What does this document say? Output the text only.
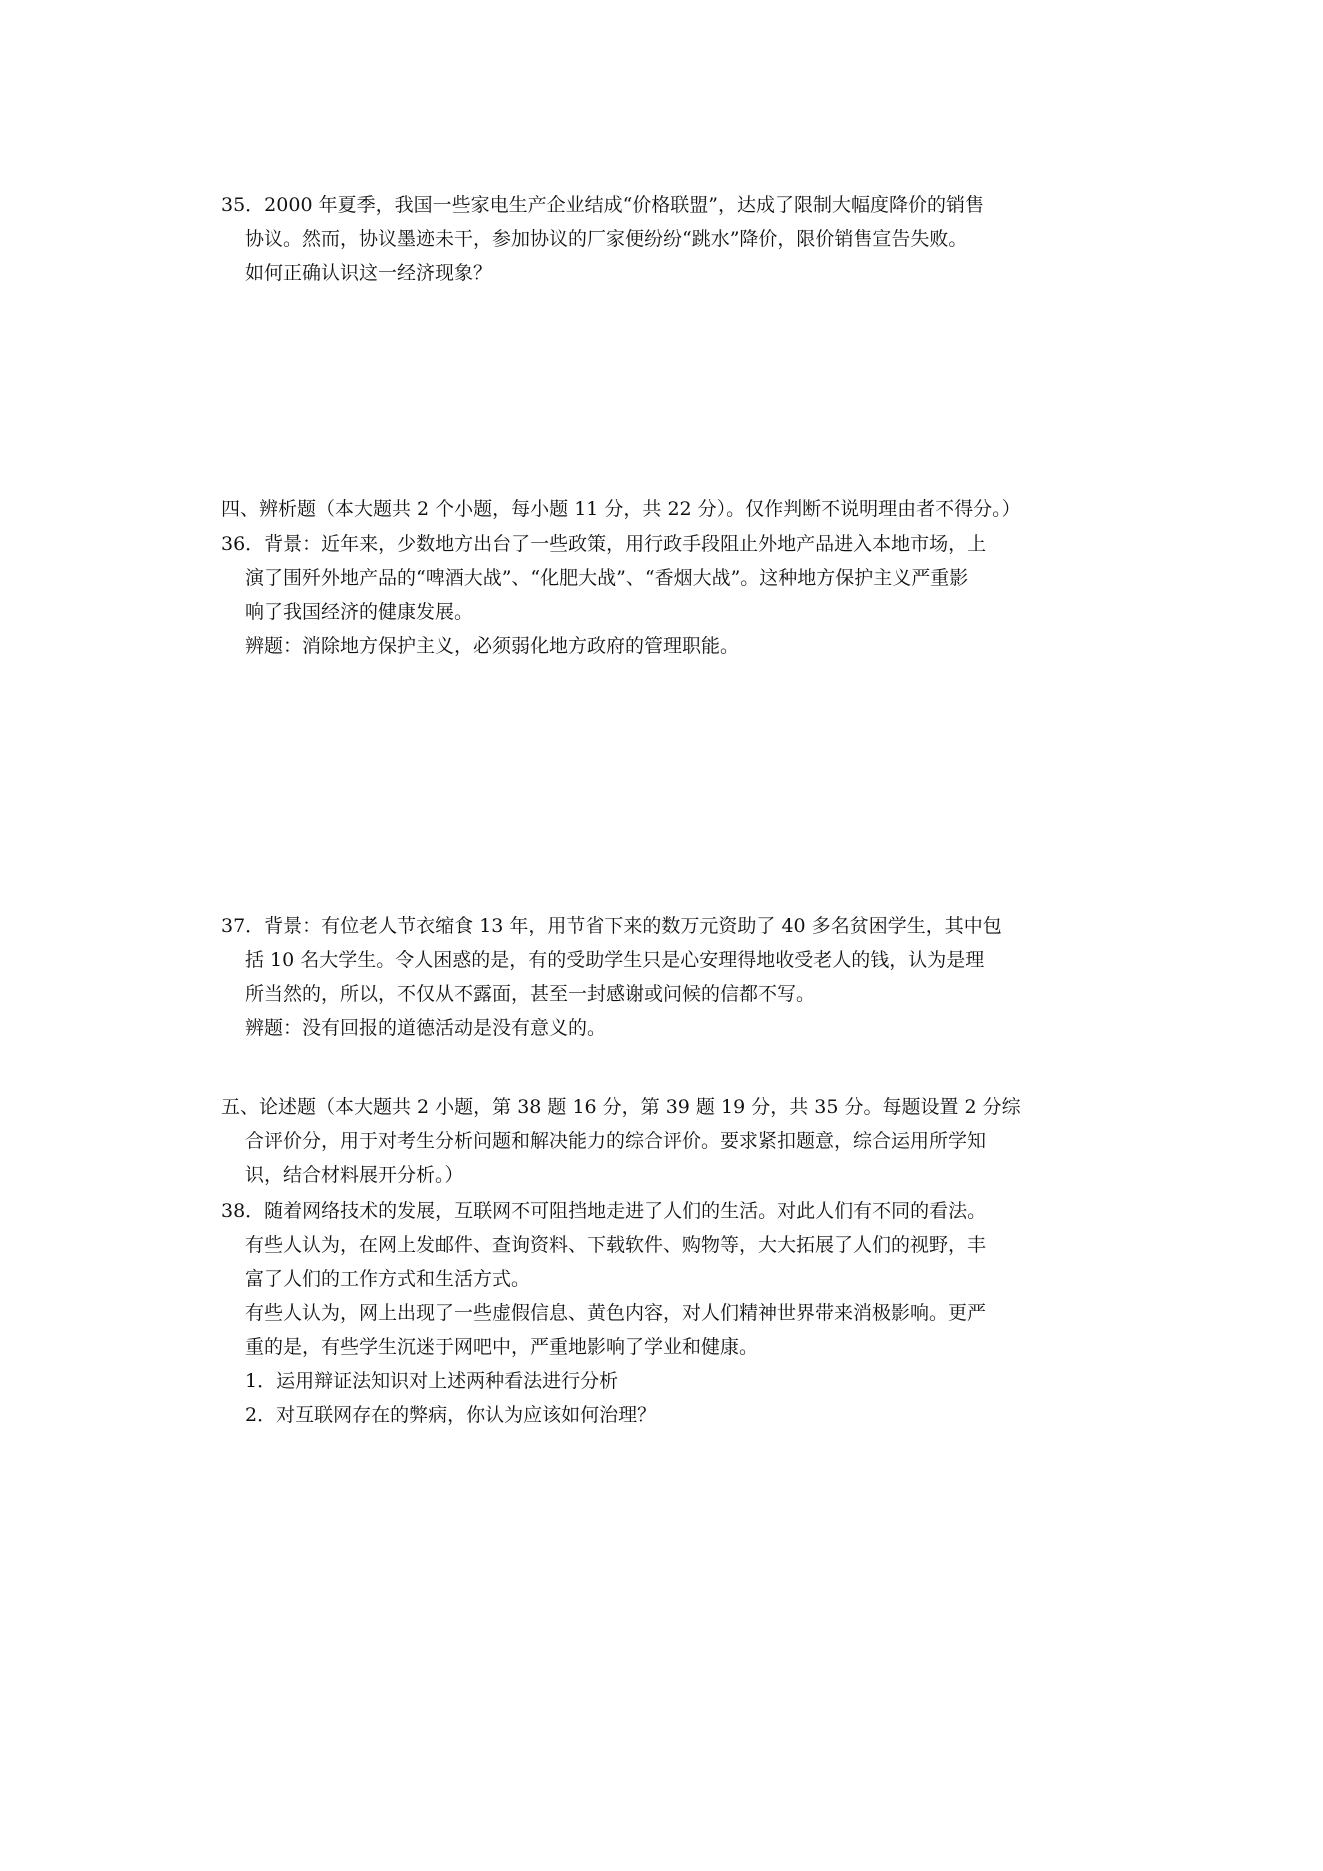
35．2000 年夏季，我国一些家电生产企业结成“价格联盟”，达成了限制大幅度降价的销售
协议。然而，协议墨迹未干，参加协议的厂家便纷纷“跳水”降价，限价销售宣告失败。
如何正确认识这一经济现象？
四、辨析题（本大题共 2 个小题，每小题 11 分，共 22 分）。仅作判断不说明理由者不得分。）
36．背景：近年来，少数地方出台了一些政策，用行政手段阻止外地产品进入本地市场，上
演了围歼外地产品的“啤酒大战”、“化肥大战”、“香烟大战”。这种地方保护主义严重影
响了我国经济的健康发展。
辨题：消除地方保护主义，必须弱化地方政府的管理职能。
37．背景：有位老人节衣缩食 13 年，用节省下来的数万元资助了 40 多名贫困学生，其中包
括 10 名大学生。令人困惑的是，有的受助学生只是心安理得地收受老人的钱，认为是理
所当然的，所以，不仅从不露面，甚至一封感谢或问候的信都不写。
辨题：没有回报的道德活动是没有意义的。
五、论述题（本大题共 2 小题，第 38 题 16 分，第 39 题 19 分，共 35 分。每题设置 2 分综
合评价分，用于对考生分析问题和解决能力的综合评价。要求紧扣题意，综合运用所学知
识，结合材料展开分析。）
38．随着网络技术的发展，互联网不可阻挡地走进了人们的生活。对此人们有不同的看法。
有些人认为，在网上发邮件、查询资料、下载软件、购物等，大大拓展了人们的视野，丰
富了人们的工作方式和生活方式。
有些人认为，网上出现了一些虚假信息、黄色内容，对人们精神世界带来消极影响。更严
重的是，有些学生沉迷于网吧中，严重地影响了学业和健康。
1．运用辩证法知识对上述两种看法进行分析
2．对互联网存在的弊病，你认为应该如何治理？
